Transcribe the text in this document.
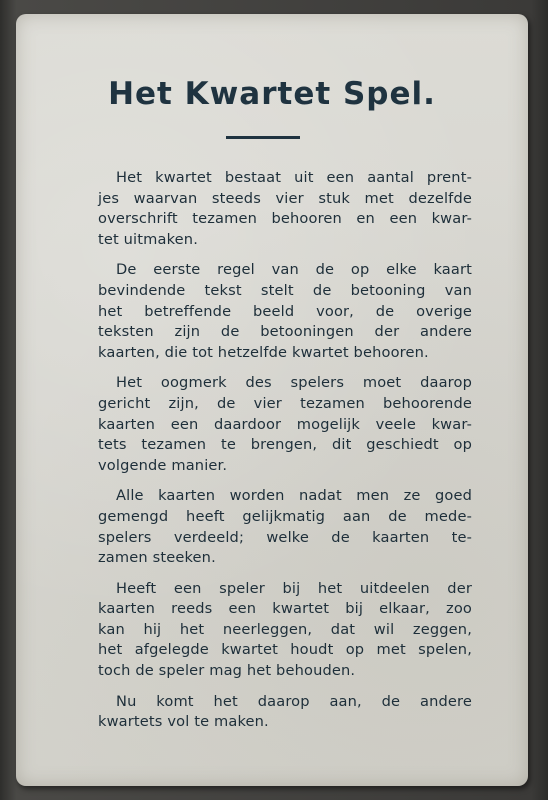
Het Kwartet Spel.
Het kwartet bestaat uit een aantal prent-
jes waarvan steeds vier stuk met dezelfde
overschrift tezamen behooren en een kwar-
tet uitmaken.
De eerste regel van de op elke kaart
bevindende tekst stelt de betooning van
het betreffende beeld voor, de overige
teksten zijn de betooningen der andere
kaarten, die tot hetzelfde kwartet behooren.
Het oogmerk des spelers moet daarop
gericht zijn, de vier tezamen behoorende
kaarten een daardoor mogelijk veele kwar-
tets tezamen te brengen, dit geschiedt op
volgende manier.
Alle kaarten worden nadat men ze goed
gemengd heeft gelijkmatig aan de mede-
spelers verdeeld; welke de kaarten te-
zamen steeken.
Heeft een speler bij het uitdeelen der
kaarten reeds een kwartet bij elkaar, zoo
kan hij het neerleggen, dat wil zeggen,
het afgelegde kwartet houdt op met spelen,
toch de speler mag het behouden.
Nu komt het daarop aan, de andere
kwartets vol te maken.
